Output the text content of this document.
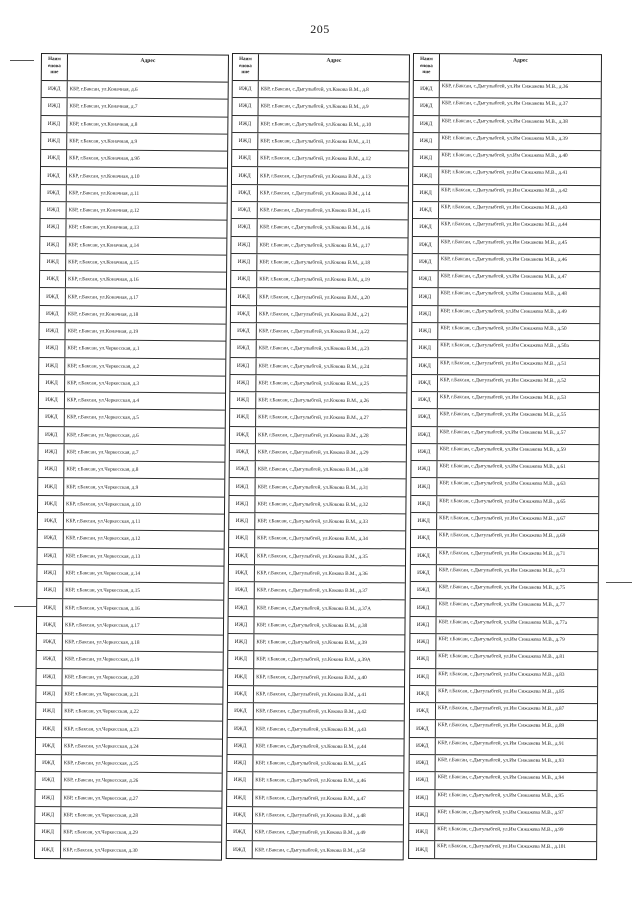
205
Наим
енова
ние
Адрес
ИЖД	КБР, г.Баксан, ул.Коначная, д.6
ИЖД	КБР, г.Баксан, ул.Коначная, д.7
ИЖД	КБР, г.Баксан, ул.Коначная, д.8
ИЖД	КБР, г.Баксан, ул.Коначная, д.9
ИЖД	КБР, г.Баксан, ул.Коначная, д.9б
ИЖД	КБР, г.Баксан, ул.Коначная, д.10
ИЖД	КБР, г.Баксан, ул.Коначная, д.11
ИЖД	КБР, г.Баксан, ул.Коначная, д.12
ИЖД	КБР, г.Баксан, ул.Коначная, д.13
ИЖД	КБР, г.Баксан, ул.Коначная, д.14
ИЖД	КБР, г.Баксан, ул.Коначная, д.15
ИЖД	КБР, г.Баксан, ул.Коначная, д.16
ИЖД	КБР, г.Баксан, ул.Коначная, д.17
ИЖД	КБР, г.Баксан, ул.Коначная, д.18
ИЖД	КБР, г.Баксан, ул.Коначная, д.19
ИЖД	КБР, г.Баксан, ул.Черкесская, д.1
ИЖД	КБР, г.Баксан, ул.Черкесская, д.2
ИЖД	КБР, г.Баксан, ул.Черкесская, д.3
ИЖД	КБР, г.Баксан, ул.Черкесская, д.4
ИЖД	КБР, г.Баксан, ул.Черкесская, д.5
ИЖД	КБР, г.Баксан, ул.Черкесская, д.6
ИЖД	КБР, г.Баксан, ул.Черкесская, д.7
ИЖД	КБР, г.Баксан, ул.Черкесская, д.8
ИЖД	КБР, г.Баксан, ул.Черкесская, д.9
ИЖД	КБР, г.Баксан, ул.Черкесская, д.10
ИЖД	КБР, г.Баксан, ул.Черкесская, д.11
ИЖД	КБР, г.Баксан, ул.Черкесская, д.12
ИЖД	КБР, г.Баксан, ул.Черкесская, д.13
ИЖД	КБР, г.Баксан, ул.Черкесская, д.14
ИЖД	КБР, г.Баксан, ул.Черкесская, д.15
ИЖД	КБР, г.Баксан, ул.Черкесская, д.16
ИЖД	КБР, г.Баксан, ул.Черкесская, д.17
ИЖД	КБР, г.Баксан, ул.Черкесская, д.18
ИЖД	КБР, г.Баксан, ул.Черкесская, д.19
ИЖД	КБР, г.Баксан, ул.Черкесская, д.20
ИЖД	КБР, г.Баксан, ул.Черкесская, д.21
ИЖД	КБР, г.Баксан, ул.Черкесская, д.22
ИЖД	КБР, г.Баксан, ул.Черкесская, д.23
ИЖД	КБР, г.Баксан, ул.Черкесская, д.24
ИЖД	КБР, г.Баксан, ул.Черкесская, д.25
ИЖД	КБР, г.Баксан, ул.Черкесская, д.26
ИЖД	КБР, г.Баксан, ул.Черкесская, д.27
ИЖД	КБР, г.Баксан, ул.Черкесская, д.28
ИЖД	КБР, г.Баксан, ул.Черкесская, д.29
ИЖД	КБР, г.Баксан, ул.Черкесская, д.30
Наим
енова
ние
Адрес
ИЖД	КБР, г.Баксан, с.Дыгулыбгей, ул.Кокова В.М., д.8
ИЖД	КБР, г.Баксан, с.Дыгулыбгей, ул.Кокова В.М., д.9
ИЖД	КБР, г.Баксан, с.Дыгулыбгей, ул.Кокова В.М., д.10
ИЖД	КБР, г.Баксан, с.Дыгулыбгей, ул.Кокова В.М., д.11
ИЖД	КБР, г.Баксан, с.Дыгулыбгей, ул.Кокова В.М., д.12
ИЖД	КБР, г.Баксан, с.Дыгулыбгей, ул.Кокова В.М., д.13
ИЖД	КБР, г.Баксан, с.Дыгулыбгей, ул.Кокова В.М., д.14
ИЖД	КБР, г.Баксан, с.Дыгулыбгей, ул.Кокова В.М., д.15
ИЖД	КБР, г.Баксан, с.Дыгулыбгей, ул.Кокова В.М., д.16
ИЖД	КБР, г.Баксан, с.Дыгулыбгей, ул.Кокова В.М., д.17
ИЖД	КБР, г.Баксан, с.Дыгулыбгей, ул.Кокова В.М., д.18
ИЖД	КБР, г.Баксан, с.Дыгулыбгей, ул.Кокова В.М., д.19
ИЖД	КБР, г.Баксан, с.Дыгулыбгей, ул.Кокова В.М., д.20
ИЖД	КБР, г.Баксан, с.Дыгулыбгей, ул.Кокова В.М., д.21
ИЖД	КБР, г.Баксан, с.Дыгулыбгей, ул.Кокова В.М., д.22
ИЖД	КБР, г.Баксан, с.Дыгулыбгей, ул.Кокова В.М., д.23
ИЖД	КБР, г.Баксан, с.Дыгулыбгей, ул.Кокова В.М., д.24
ИЖД	КБР, г.Баксан, с.Дыгулыбгей, ул.Кокова В.М., д.25
ИЖД	КБР, г.Баксан, с.Дыгулыбгей, ул.Кокова В.М., д.26
ИЖД	КБР, г.Баксан, с.Дыгулыбгей, ул.Кокова В.М., д.27
ИЖД	КБР, г.Баксан, с.Дыгулыбгей, ул.Кокова В.М., д.28
ИЖД	КБР, г.Баксан, с.Дыгулыбгей, ул.Кокова В.М., д.29
ИЖД	КБР, г.Баксан, с.Дыгулыбгей, ул.Кокова В.М., д.30
ИЖД	КБР, г.Баксан, с.Дыгулыбгей, ул.Кокова В.М., д.31
ИЖД	КБР, г.Баксан, с.Дыгулыбгей, ул.Кокова В.М., д.32
ИЖД	КБР, г.Баксан, с.Дыгулыбгей, ул.Кокова В.М., д.33
ИЖД	КБР, г.Баксан, с.Дыгулыбгей, ул.Кокова В.М., д.34
ИЖД	КБР, г.Баксан, с.Дыгулыбгей, ул.Кокова В.М., д.35
ИЖД	КБР, г.Баксан, с.Дыгулыбгей, ул.Кокова В.М., д.36
ИЖД	КБР, г.Баксан, с.Дыгулыбгей, ул.Кокова В.М., д.37
ИЖД	КБР, г.Баксан, с.Дыгулыбгей, ул.Кокова В.М., д.37А
ИЖД	КБР, г.Баксан, с.Дыгулыбгей, ул.Кокова В.М., д.38
ИЖД	КБР, г.Баксан, с.Дыгулыбгей, ул.Кокова В.М., д.39
ИЖД	КБР, г.Баксан, с.Дыгулыбгей, ул.Кокова В.М., д.39А
ИЖД	КБР, г.Баксан, с.Дыгулыбгей, ул.Кокова В.М., д.40
ИЖД	КБР, г.Баксан, с.Дыгулыбгей, ул.Кокова В.М., д.41
ИЖД	КБР, г.Баксан, с.Дыгулыбгей, ул.Кокова В.М., д.42
ИЖД	КБР, г.Баксан, с.Дыгулыбгей, ул.Кокова В.М., д.43
ИЖД	КБР, г.Баксан, с.Дыгулыбгей, ул.Кокова В.М., д.44
ИЖД	КБР, г.Баксан, с.Дыгулыбгей, ул.Кокова В.М., д.45
ИЖД	КБР, г.Баксан, с.Дыгулыбгей, ул.Кокова В.М., д.46
ИЖД	КБР, г.Баксан, с.Дыгулыбгей, ул.Кокова В.М., д.47
ИЖД	КБР, г.Баксан, с.Дыгулыбгей, ул.Кокова В.М., д.48
ИЖД	КБР, г.Баксан, с.Дыгулыбгей, ул.Кокова В.М., д.49
ИЖД	КБР, г.Баксан, с.Дыгулыбгей, ул.Кокова В.М., д.50
Наим
енова
ние
Адрес
ИЖД	КБР, г.Баксан, с.Дыгулыбгей, ул.Им Сижажева М.В., д.36
ИЖД	КБР, г.Баксан, с.Дыгулыбгей, ул.Им Сижажева М.В., д.37
ИЖД	КБР, г.Баксан, с.Дыгулыбгей, ул.Им Сижажева М.В., д.38
ИЖД	КБР, г.Баксан, с.Дыгулыбгей, ул.Им Сижажева М.В., д.39
ИЖД	КБР, г.Баксан, с.Дыгулыбгей, ул.Им Сижажева М.В., д.40
ИЖД	КБР, г.Баксан, с.Дыгулыбгей, ул.Им Сижажева М.В., д.41
ИЖД	КБР, г.Баксан, с.Дыгулыбгей, ул.Им Сижажева М.В., д.42
ИЖД	КБР, г.Баксан, с.Дыгулыбгей, ул.Им Сижажева М.В., д.43
ИЖД	КБР, г.Баксан, с.Дыгулыбгей, ул.Им Сижажева М.В., д.44
ИЖД	КБР, г.Баксан, с.Дыгулыбгей, ул.Им Сижажева М.В., д.45
ИЖД	КБР, г.Баксан, с.Дыгулыбгей, ул.Им Сижажева М.В., д.46
ИЖД	КБР, г.Баксан, с.Дыгулыбгей, ул.Им Сижажева М.В., д.47
ИЖД	КБР, г.Баксан, с.Дыгулыбгей, ул.Им Сижажева М.В., д.48
ИЖД	КБР, г.Баксан, с.Дыгулыбгей, ул.Им Сижажева М.В., д.49
ИЖД	КБР, г.Баксан, с.Дыгулыбгей, ул.Им Сижажева М.В., д.50
ИЖД	КБР, г.Баксан, с.Дыгулыбгей, ул.Им Сижажева М.В., д.50а
ИЖД	КБР, г.Баксан, с.Дыгулыбгей, ул.Им Сижажева М.В., д.51
ИЖД	КБР, г.Баксан, с.Дыгулыбгей, ул.Им Сижажева М.В., д.52
ИЖД	КБР, г.Баксан, с.Дыгулыбгей, ул.Им Сижажева М.В., д.53
ИЖД	КБР, г.Баксан, с.Дыгулыбгей, ул.Им Сижажева М.В., д.55
ИЖД	КБР, г.Баксан, с.Дыгулыбгей, ул.Им Сижажева М.В., д.57
ИЖД	КБР, г.Баксан, с.Дыгулыбгей, ул.Им Сижажева М.В., д.59
ИЖД	КБР, г.Баксан, с.Дыгулыбгей, ул.Им Сижажева М.В., д.61
ИЖД	КБР, г.Баксан, с.Дыгулыбгей, ул.Им Сижажева М.В., д.63
ИЖД	КБР, г.Баксан, с.Дыгулыбгей, ул.Им Сижажева М.В., д.65
ИЖД	КБР, г.Баксан, с.Дыгулыбгей, ул.Им Сижажева М.В., д.67
ИЖД	КБР, г.Баксан, с.Дыгулыбгей, ул.Им Сижажева М.В., д.69
ИЖД	КБР, г.Баксан, с.Дыгулыбгей, ул.Им Сижажева М.В., д.71
ИЖД	КБР, г.Баксан, с.Дыгулыбгей, ул.Им Сижажева М.В., д.73
ИЖД	КБР, г.Баксан, с.Дыгулыбгей, ул.Им Сижажева М.В., д.75
ИЖД	КБР, г.Баксан, с.Дыгулыбгей, ул.Им Сижажева М.В., д.77
ИЖД	КБР, г.Баксан, с.Дыгулыбгей, ул.Им Сижажева М.В., д.77а
ИЖД	КБР, г.Баксан, с.Дыгулыбгей, ул.Им Сижажева М.В., д.79
ИЖД	КБР, г.Баксан, с.Дыгулыбгей, ул.Им Сижажева М.В., д.81
ИЖД	КБР, г.Баксан, с.Дыгулыбгей, ул.Им Сижажева М.В., д.83
ИЖД	КБР, г.Баксан, с.Дыгулыбгей, ул.Им Сижажева М.В., д.85
ИЖД	КБР, г.Баксан, с.Дыгулыбгей, ул.Им Сижажева М.В., д.87
ИЖД	КБР, г.Баксан, с.Дыгулыбгей, ул.Им Сижажева М.В., д.89
ИЖД	КБР, г.Баксан, с.Дыгулыбгей, ул.Им Сижажева М.В., д.91
ИЖД	КБР, г.Баксан, с.Дыгулыбгей, ул.Им Сижажева М.В., д.93
ИЖД	КБР, г.Баксан, с.Дыгулыбгей, ул.Им Сижажева М.В., д.94
ИЖД	КБР, г.Баксан, с.Дыгулыбгей, ул.Им Сижажева М.В., д.95
ИЖД	КБР, г.Баксан, с.Дыгулыбгей, ул.Им Сижажева М.В., д.97
ИЖД	КБР, г.Баксан, с.Дыгулыбгей, ул.Им Сижажева М.В., д.99
ИЖД	КБР, г.Баксан, с.Дыгулыбгей, ул.Им Сижажева М.В., д.101
